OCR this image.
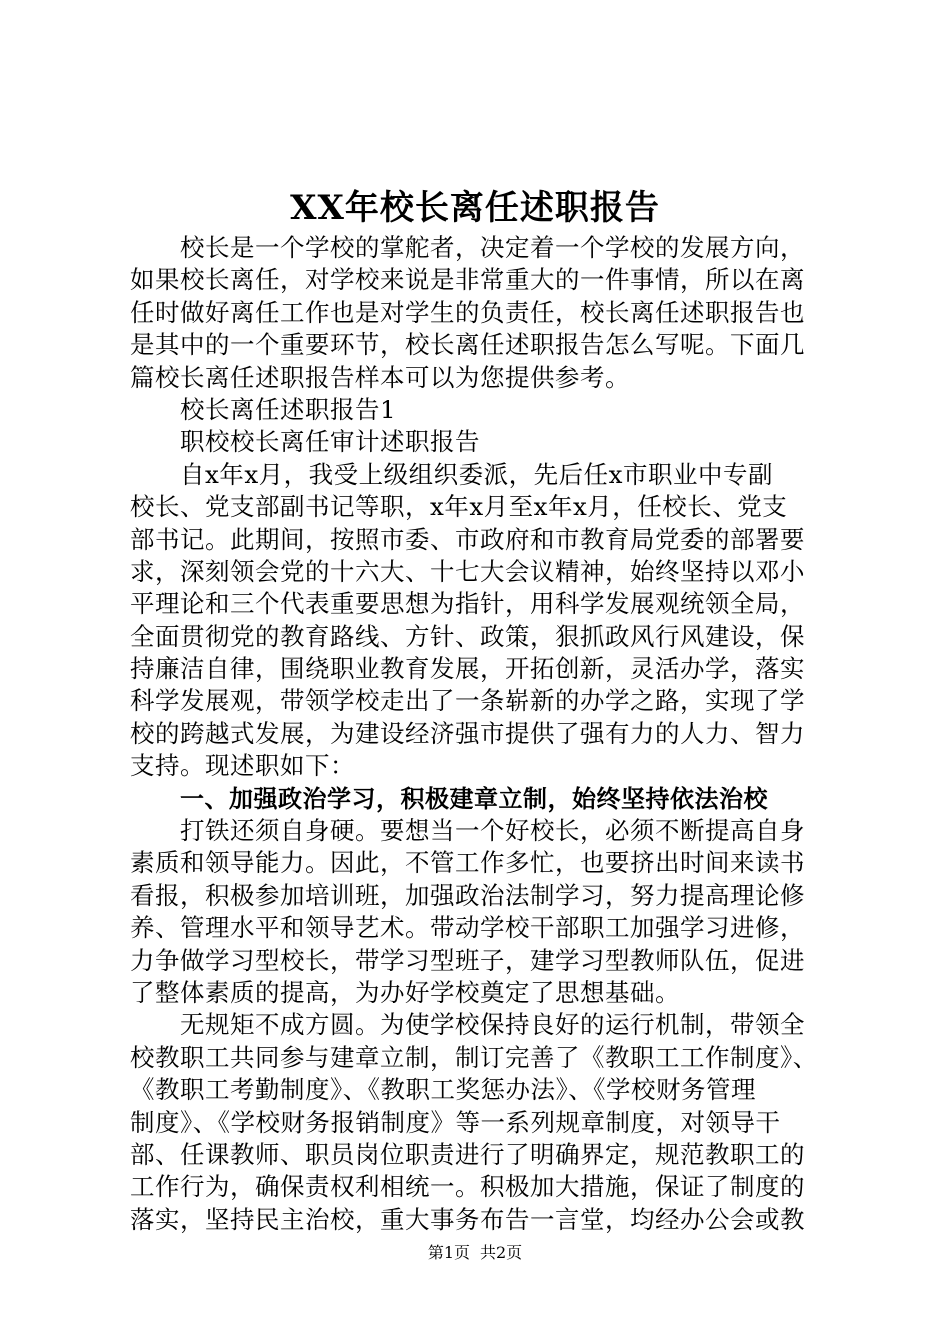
XX年校长离任述职报告
校长是一个学校的掌舵者，决定着一个学校的发展方向，
如果校长离任，对学校来说是非常重大的一件事情，所以在离
任时做好离任工作也是对学生的负责任，校长离任述职报告也
是其中的一个重要环节，校长离任述职报告怎么写呢。下面几
篇校长离任述职报告样本可以为您提供参考。
校长离任述职报告1
职校校长离任审计述职报告
自x年x月，我受上级组织委派，先后任x市职业中专副
校长、党支部副书记等职，x年x月至x年x月，任校长、党支
部书记。此期间，按照市委、市政府和市教育局党委的部署要
求，深刻领会党的十六大、十七大会议精神，始终坚持以邓小
平理论和三个代表重要思想为指针，用科学发展观统领全局，
全面贯彻党的教育路线、方针、政策，狠抓政风行风建设，保
持廉洁自律，围绕职业教育发展，开拓创新，灵活办学，落实
科学发展观，带领学校走出了一条崭新的办学之路，实现了学
校的跨越式发展，为建设经济强市提供了强有力的人力、智力
支持。现述职如下：
一、加强政治学习，积极建章立制，始终坚持依法治校
打铁还须自身硬。要想当一个好校长，必须不断提高自身
素质和领导能力。因此，不管工作多忙，也要挤出时间来读书
看报，积极参加培训班，加强政治法制学习，努力提高理论修
养、管理水平和领导艺术。带动学校干部职工加强学习进修，
力争做学习型校长，带学习型班子，建学习型教师队伍，促进
了整体素质的提高，为办好学校奠定了思想基础。
无规矩不成方圆。为使学校保持良好的运行机制，带领全
校教职工共同参与建章立制，制订完善了《教职工工作制度》、
《教职工考勤制度》、《教职工奖惩办法》、《学校财务管理
制度》、《学校财务报销制度》等一系列规章制度，对领导干
部、任课教师、职员岗位职责进行了明确界定，规范教职工的
工作行为，确保责权利相统一。积极加大措施，保证了制度的
落实，坚持民主治校，重大事务布告一言堂，均经办公会或教
第1页 共2页
